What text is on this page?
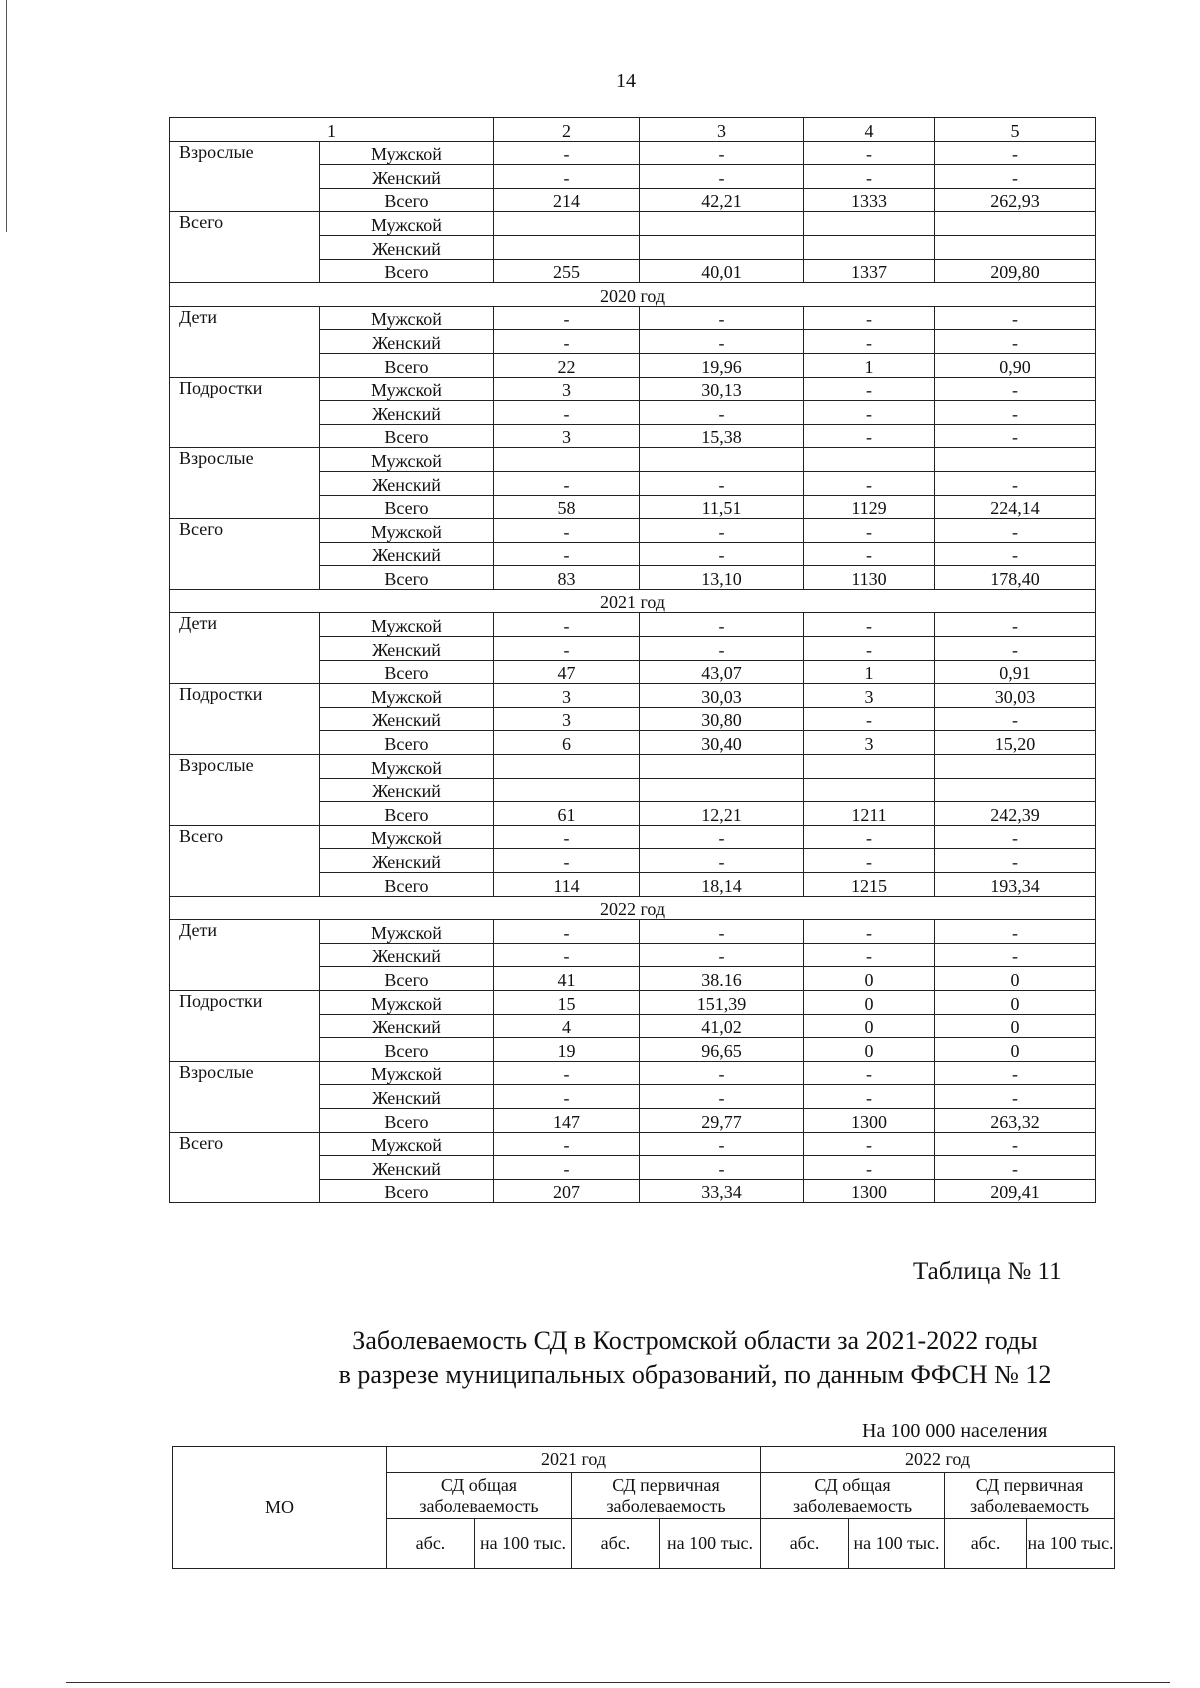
14
1		2	3	4	5
Взрослые	Мужской	-	-	-	-
	Женский	-	-	-	-
	Всего	214	42,21	1333	262,93
Всего	Мужской				
	Женский				
	Всего	255	40,01	1337	209,80
2020 год					
Дети	Мужской	-	-	-	-
	Женский	-	-	-	-
	Всего	22	19,96	1	0,90
Подростки	Мужской	3	30,13	-	-
	Женский	-	-	-	-
	Всего	3	15,38	-	-
Взрослые	Мужской				
	Женский	-	-	-	-
	Всего	58	11,51	1129	224,14
Всего	Мужской	-	-	-	-
	Женский	-	-	-	-
	Всего	83	13,10	1130	178,40
2021 год					
Дети	Мужской	-	-	-	-
	Женский	-	-	-	-
	Всего	47	43,07	1	0,91
Подростки	Мужской	3	30,03	3	30,03
	Женский	3	30,80	-	-
	Всего	6	30,40	3	15,20
Взрослые	Мужской				
	Женский				
	Всего	61	12,21	1211	242,39
Всего	Мужской	-	-	-	-
	Женский	-	-	-	-
	Всего	114	18,14	1215	193,34
2022 год					
Дети	Мужской	-	-	-	-
	Женский	-	-	-	-
	Всего	41	38.16	0	0
Подростки	Мужской	15	151,39	0	0
	Женский	4	41,02	0	0
	Всего	19	96,65	0	0
Взрослые	Мужской	-	-	-	-
	Женский	-	-	-	-
	Всего	147	29,77	1300	263,32
Всего	Мужской	-	-	-	-
	Женский	-	-	-	-
	Всего	207	33,34	1300	209,41
Таблица № 11
Заболеваемость СД в Костромской области за 2021-2022 годы
в разрезе муниципальных образований, по данным ФФСН № 12
На 100 000 населения
МО	2021 год				2022 год			
	СД общая заболеваемость		СД первичная заболеваемость		СД общая заболеваемость		СД первичная заболеваемость	
	абс.	на 100 тыс.	абс.	на 100 тыс.	абс.	на 100 тыс.	абс.	на 100 тыс.
